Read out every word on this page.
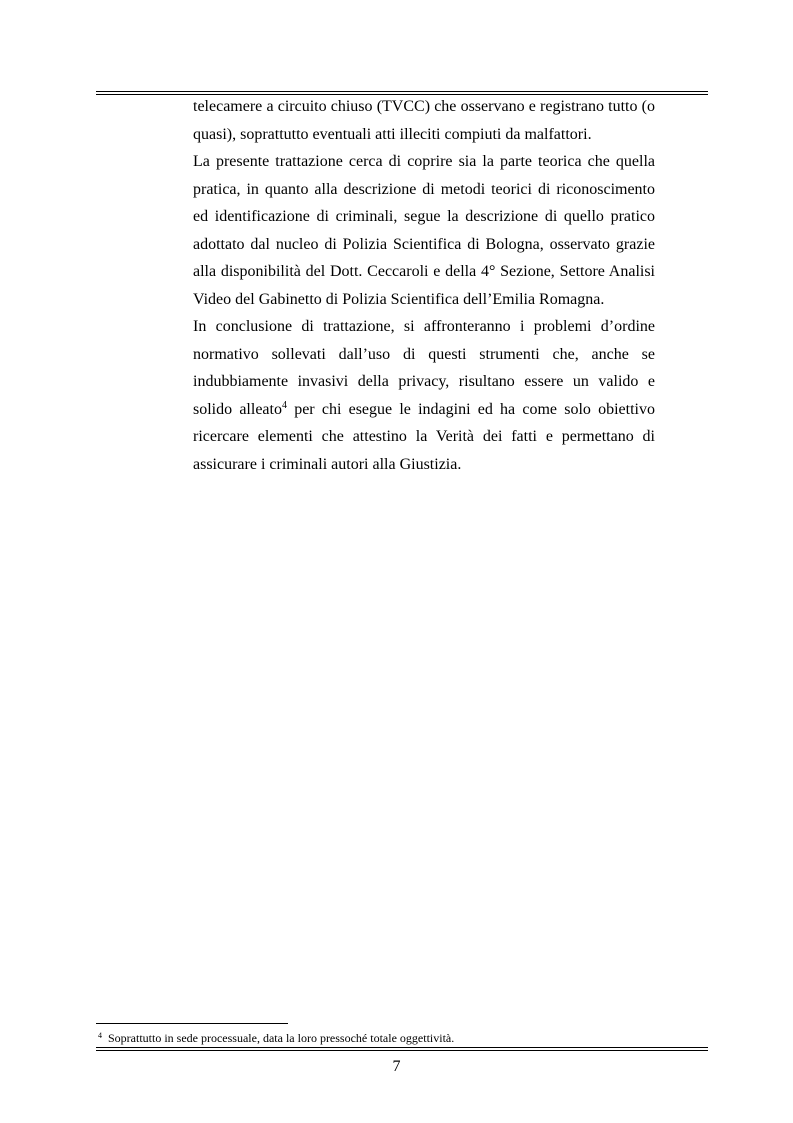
telecamere a circuito chiuso (TVCC) che osservano e registrano tutto (o
quasi), soprattutto eventuali atti illeciti compiuti da malfattori.

La presente trattazione cerca di coprire sia la parte teorica che quella
pratica, in quanto alla descrizione di metodi teorici di riconoscimento
ed identificazione di criminali, segue la descrizione di quello pratico
adottato dal nucleo di Polizia Scientifica di Bologna, osservato grazie
alla disponibilità del Dott. Ceccaroli e della 4° Sezione, Settore Analisi
Video del Gabinetto di Polizia Scientifica dell’Emilia Romagna.

In conclusione di trattazione, si affronteranno i problemi d’ordine
normativo sollevati dall’uso di questi strumenti che, anche se
indubbiamente invasivi della privacy, risultano essere un valido e
solido alleato$^4$ per chi esegue le indagini ed ha come solo obiettivo
ricercare elementi che attestino la Verità dei fatti e permettano di
assicurare i criminali autori alla Giustizia.

$^4$ Soprattutto in sede processuale, data la loro pressoché totale oggettività.
7
